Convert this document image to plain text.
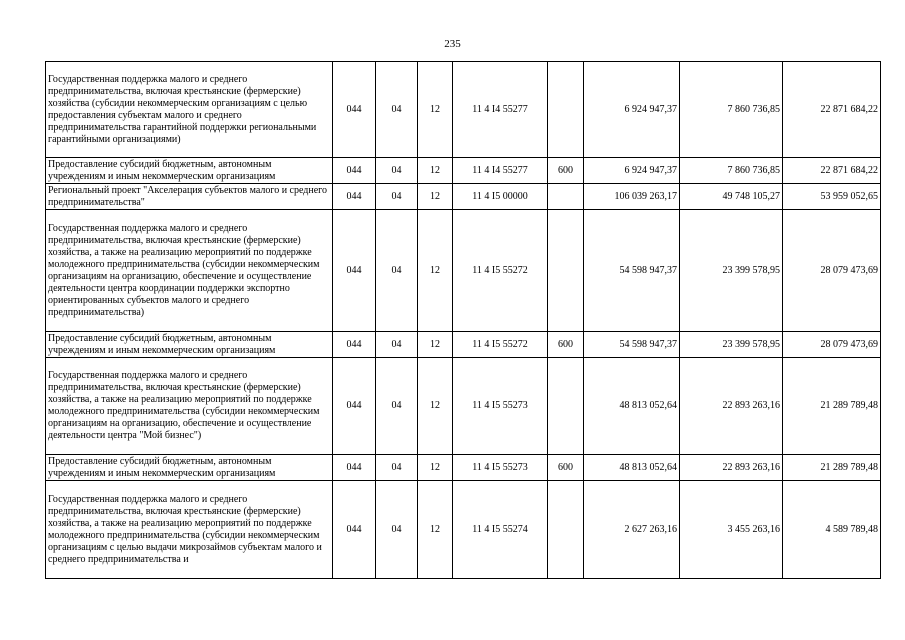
235
Государственная поддержка малого и среднего предпринимательства, включая крестьянские (фермерские) хозяйства (субсидии некоммерческим организациям с целью предоставления субъектам малого и среднего предпринимательства гарантийной поддержки региональными гарантийными организациями)	044	04	12	11 4 I4 55277		6 924 947,37	7 860 736,85	22 871 684,22
Предоставление субсидий бюджетным, автономным учреждениям и иным некоммерческим организациям	044	04	12	11 4 I4 55277	600	6 924 947,37	7 860 736,85	22 871 684,22
Региональный проект "Акселерация субъектов малого и среднего предпринимательства"	044	04	12	11 4 I5 00000		106 039 263,17	49 748 105,27	53 959 052,65
Государственная поддержка малого и среднего предпринимательства, включая крестьянские (фермерские) хозяйства, а также на реализацию мероприятий по поддержке молодежного предпринимательства (субсидии некоммерческим организациям на организацию, обеспечение и осуществление деятельности центра координации поддержки экспортно ориентированных субъектов малого и среднего предпринимательства)	044	04	12	11 4 I5 55272		54 598 947,37	23 399 578,95	28 079 473,69
Предоставление субсидий бюджетным, автономным учреждениям и иным некоммерческим организациям	044	04	12	11 4 I5 55272	600	54 598 947,37	23 399 578,95	28 079 473,69
Государственная поддержка малого и среднего предпринимательства, включая крестьянские (фермерские) хозяйства, а также на реализацию мероприятий по поддержке молодежного предпринимательства (субсидии некоммерческим организациям на организацию, обеспечение и осуществление деятельности центра "Мой бизнес")	044	04	12	11 4 I5 55273		48 813 052,64	22 893 263,16	21 289 789,48
Предоставление субсидий бюджетным, автономным учреждениям и иным некоммерческим организациям	044	04	12	11 4 I5 55273	600	48 813 052,64	22 893 263,16	21 289 789,48
Государственная поддержка малого и среднего предпринимательства, включая крестьянские (фермерские) хозяйства, а также на реализацию мероприятий по поддержке молодежного предпринимательства (субсидии некоммерческим организациям с целью выдачи микрозаймов субъектам малого и среднего предпринимательства и	044	04	12	11 4 I5 55274		2 627 263,16	3 455 263,16	4 589 789,48
